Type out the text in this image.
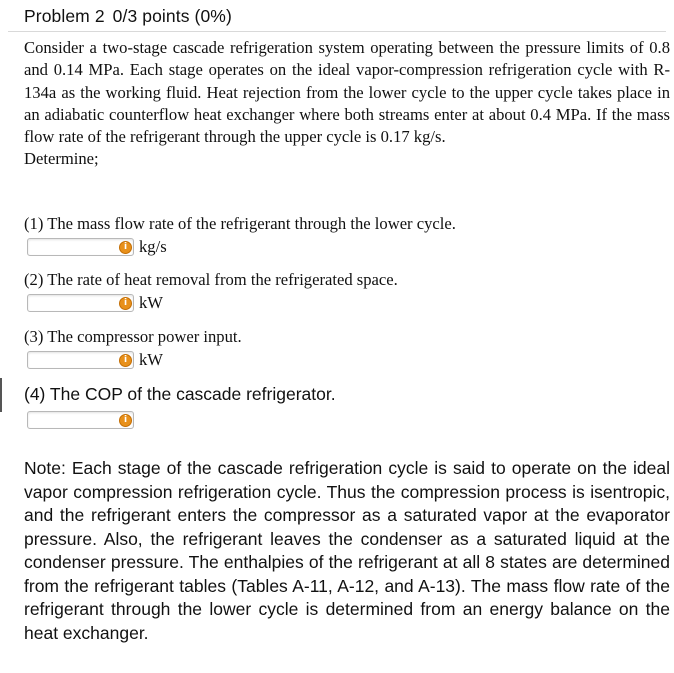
Problem 2 0/3 points (0%)

Consider a two-stage cascade refrigeration system operating between the pressure limits of 0.8 and 0.14 MPa. Each stage operates on the ideal vapor-compression refrigeration cycle with R-134a as the working fluid. Heat rejection from the lower cycle to the upper cycle takes place in an adiabatic counterflow heat exchanger where both streams enter at about 0.4 MPa. If the mass flow rate of the refrigerant through the upper cycle is 0.17 kg/s.

Determine;

(1) The mass flow rate of the refrigerant through the lower cycle.
i kg/s
(2) The rate of heat removal from the refrigerated space.
i kW
(3) The compressor power input.
i kW
(4) The COP of the cascade refrigerator.
i

Note: Each stage of the cascade refrigeration cycle is said to operate on the ideal vapor compression refrigeration cycle. Thus the compression process is isentropic, and the refrigerant enters the compressor as a saturated vapor at the evaporator pressure. Also, the refrigerant leaves the condenser as a saturated liquid at the condenser pressure. The enthalpies of the refrigerant at all 8 states are determined from the refrigerant tables (Tables A-11, A-12, and A-13). The mass flow rate of the refrigerant through the lower cycle is determined from an energy balance on the heat exchanger.
